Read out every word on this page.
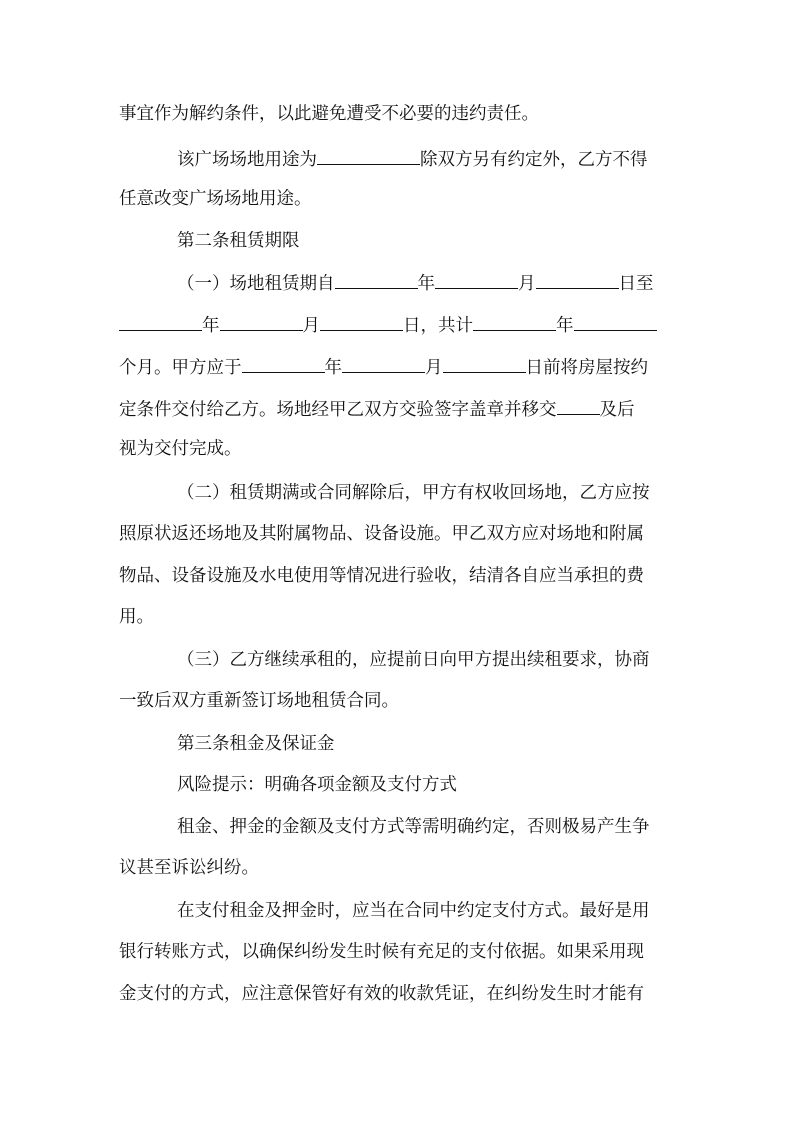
事宜作为解约条件，以此避免遭受不必要的违约责任。
该广场场地用途为	除双方另有约定外，乙方不得
任意改变广场场地用途。
第二条租赁期限
（一）场地租赁期自	年	月	日至
年	月	日，共计	年
个月。甲方应于	年	月	日前将房屋按约
定条件交付给乙方。场地经甲乙双方交验签字盖章并移交 及后
视为交付完成。
（二）租赁期满或合同解除后，甲方有权收回场地，乙方应按
照原状返还场地及其附属物品、设备设施。甲乙双方应对场地和附属
物品、设备设施及水电使用等情况进行验收，结清各自应当承担的费
用。
（三）乙方继续承租的，应提前日向甲方提出续租要求，协商
一致后双方重新签订场地租赁合同。
第三条租金及保证金
风险提示：明确各项金额及支付方式
租金、押金的金额及支付方式等需明确约定，否则极易产生争
议甚至诉讼纠纷。
在支付租金及押金时，应当在合同中约定支付方式。最好是用
银行转账方式，以确保纠纷发生时候有充足的支付依据。如果采用现
金支付的方式，应注意保管好有效的收款凭证，在纠纷发生时才能有
